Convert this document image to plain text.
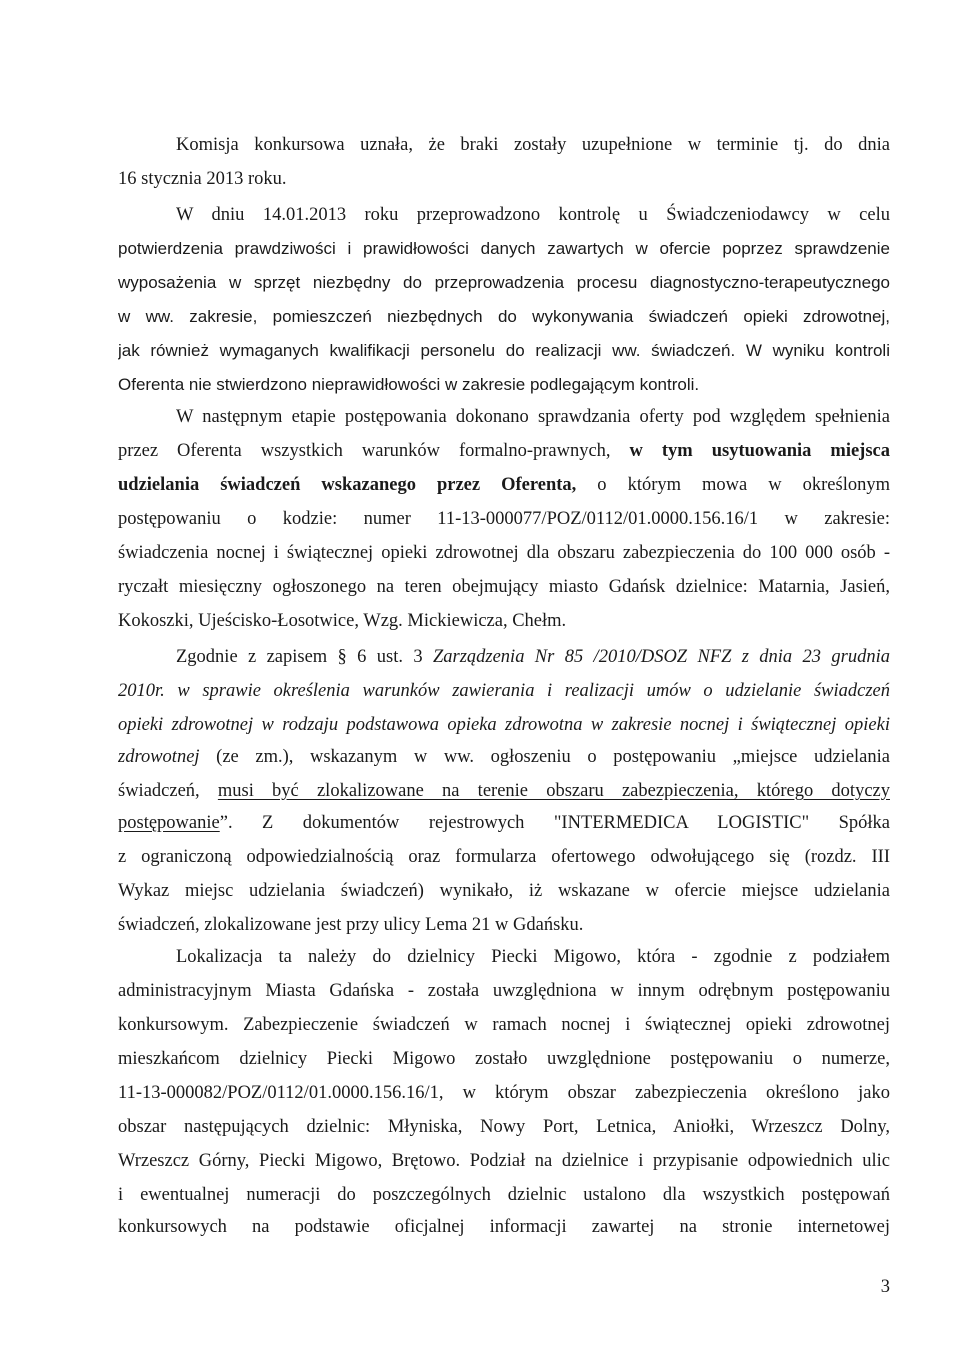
Komisja konkursowa uznała, że braki zostały uzupełnione w terminie tj. do dnia
16 stycznia 2013 roku.
W dniu 14.01.2013 roku przeprowadzono kontrolę u Świadczeniodawcy w celu
potwierdzenia prawdziwości i prawidłowości danych zawartych w ofercie poprzez sprawdzenie
wyposażenia w sprzęt niezbędny do przeprowadzenia procesu diagnostyczno-terapeutycznego
w ww. zakresie, pomieszczeń niezbędnych do wykonywania świadczeń opieki zdrowotnej,
jak również wymaganych kwalifikacji personelu do realizacji ww. świadczeń. W wyniku kontroli
Oferenta nie stwierdzono nieprawidłowości w zakresie podlegającym kontroli.
W następnym etapie postępowania dokonano sprawdzania oferty pod względem spełnienia
przez Oferenta wszystkich warunków formalno-prawnych, w tym usytuowania miejsca
udzielania świadczeń wskazanego przez Oferenta, o którym mowa w określonym
postępowaniu o kodzie: numer 11-13-000077/POZ/0112/01.0000.156.16/1 w zakresie:
świadczenia nocnej i świątecznej opieki zdrowotnej dla obszaru zabezpieczenia do 100 000 osób -
ryczałt miesięczny ogłoszonego na teren obejmujący miasto Gdańsk dzielnice: Matarnia, Jasień,
Kokoszki, Ujeścisko-Łosotwice, Wzg. Mickiewicza, Chełm.
Zgodnie z zapisem § 6 ust. 3 Zarządzenia Nr 85 /2010/DSOZ NFZ z dnia 23 grudnia
2010r. w sprawie określenia warunków zawierania i realizacji umów o udzielanie świadczeń
opieki zdrowotnej w rodzaju podstawowa opieka zdrowotna w zakresie nocnej i świątecznej opieki
zdrowotnej (ze zm.), wskazanym w ww. ogłoszeniu o postępowaniu „miejsce udzielania
świadczeń, musi być zlokalizowane na terenie obszaru zabezpieczenia, którego dotyczy
postępowanie”. Z dokumentów rejestrowych "INTERMEDICA LOGISTIC" Spółka
z ograniczoną odpowiedzialnością oraz formularza ofertowego odwołującego się (rozdz. III
Wykaz miejsc udzielania świadczeń) wynikało, iż wskazane w ofercie miejsce udzielania
świadczeń, zlokalizowane jest przy ulicy Lema 21 w Gdańsku.
Lokalizacja ta należy do dzielnicy Piecki Migowo, która - zgodnie z podziałem
administracyjnym Miasta Gdańska - została uwzględniona w innym odrębnym postępowaniu
konkursowym. Zabezpieczenie świadczeń w ramach nocnej i świątecznej opieki zdrowotnej
mieszkańcom dzielnicy Piecki Migowo zostało uwzględnione postępowaniu o numerze,
11-13-000082/POZ/0112/01.0000.156.16/1, w którym obszar zabezpieczenia określono jako
obszar następujących dzielnic: Młyniska, Nowy Port, Letnica, Aniołki, Wrzeszcz Dolny,
Wrzeszcz Górny, Piecki Migowo, Brętowo. Podział na dzielnice i przypisanie odpowiednich ulic
i ewentualnej numeracji do poszczególnych dzielnic ustalono dla wszystkich postępowań
konkursowych na podstawie oficjalnej informacji zawartej na stronie internetowej
3
